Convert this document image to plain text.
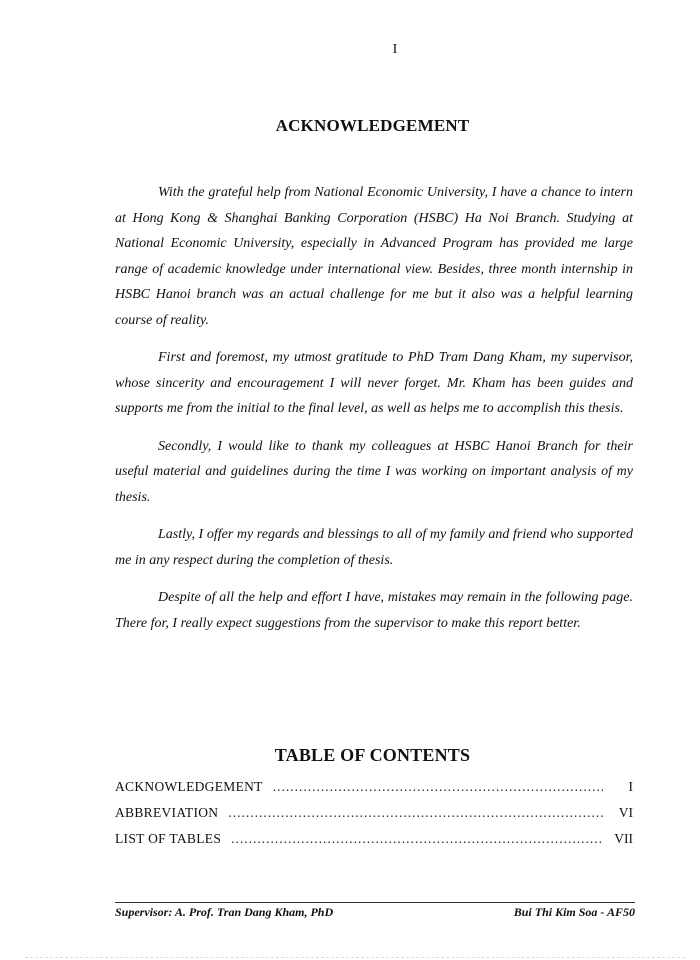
I
ACKNOWLEDGEMENT

With the grateful help from National Economic University, I have a chance to intern at Hong Kong & Shanghai Banking Corporation (HSBC) Ha Noi Branch. Studying at National Economic University, especially in Advanced Program has provided me large range of academic knowledge under international view. Besides, three month internship in HSBC Hanoi branch was an actual challenge for me but it also was a helpful learning course of reality.

First and foremost, my utmost gratitude to PhD Tram Dang Kham, my supervisor, whose sincerity and encouragement I will never forget. Mr. Kham has been guides and supports me from the initial to the final level, as well as helps me to accomplish this thesis.

Secondly, I would like to thank my colleagues at HSBC Hanoi Branch for their useful material and guidelines during the time I was working on important analysis of my thesis.

Lastly, I offer my regards and blessings to all of my family and friend who supported me in any respect during the completion of thesis.

Despite of all the help and effort I have, mistakes may remain in the following page. There for, I really expect suggestions from the supervisor to make this report better.

TABLE OF CONTENTS
ACKNOWLEDGEMENT .....	I
ABBREVIATION .....	VI
LIST OF TABLES .....	VII
Supervisor: A. Prof. Tran Dang Kham, PhD	Bui Thi Kim Soa - AF50
